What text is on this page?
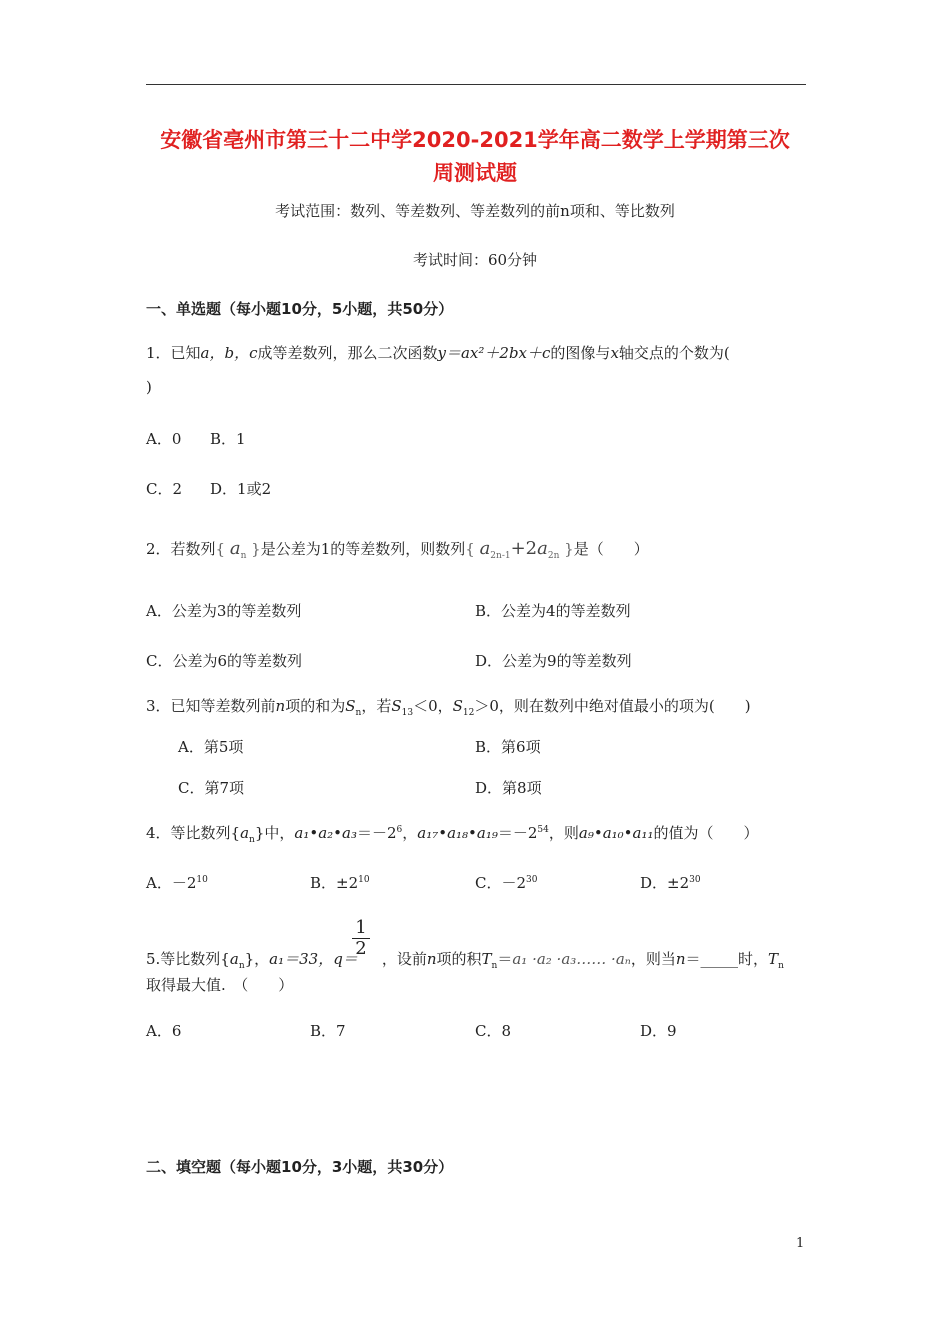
安徽省亳州市第三十二中学2020-2021学年高二数学上学期第三次
周测试题
考试范围：数列、等差数列、等差数列的前n项和、等比数列
考试时间：60分钟
一、单选题（每小题10分，5小题，共50分）
1．已知a，b，c成等差数列，那么二次函数y＝ax²＋2bx＋c的图像与x轴交点的个数为(
)
A．0 B．1
C．2 D．1或2
2．若数列{ $a_n$ }是公差为1的等差数列，则数列{ $a_{2n-1}+2a_{2n}$ }是（　　）
A．公差为3的等差数列	B．公差为4的等差数列
C．公差为6的等差数列	D．公差为9的等差数列
3．已知等差数列前n项的和为$S_n$，若$S_{13}<0$，$S_{12}>0$，则在数列中绝对值最小的项为(　　)
A．第5项	B．第6项
C．第7项	D．第8项
4．等比数列$\{a_n\}$中，$a_1•a_2•a_3=-2^6$，$a_{17}•a_{18}•a_{19}=-2^{54}$，则a₉•a₁₀•a₁₁的值为（　　）
A．$-2^{10}$	B．$\pm 2^{10}$	C．$-2^{30}$	D．$\pm 2^{30}$
$\frac{1}{2}$
5.等比数列$\{a_n\}$，a₁＝33，q＝ ，设前n项的积$T_n=a_1 \cdot a_2$ ·a₃…… ·aₙ，则当n＝_____时，$T_n$
取得最大值.　（　　）
A．6	B．7	C．8	D．9
二、填空题（每小题10分，3小题，共30分）
1
